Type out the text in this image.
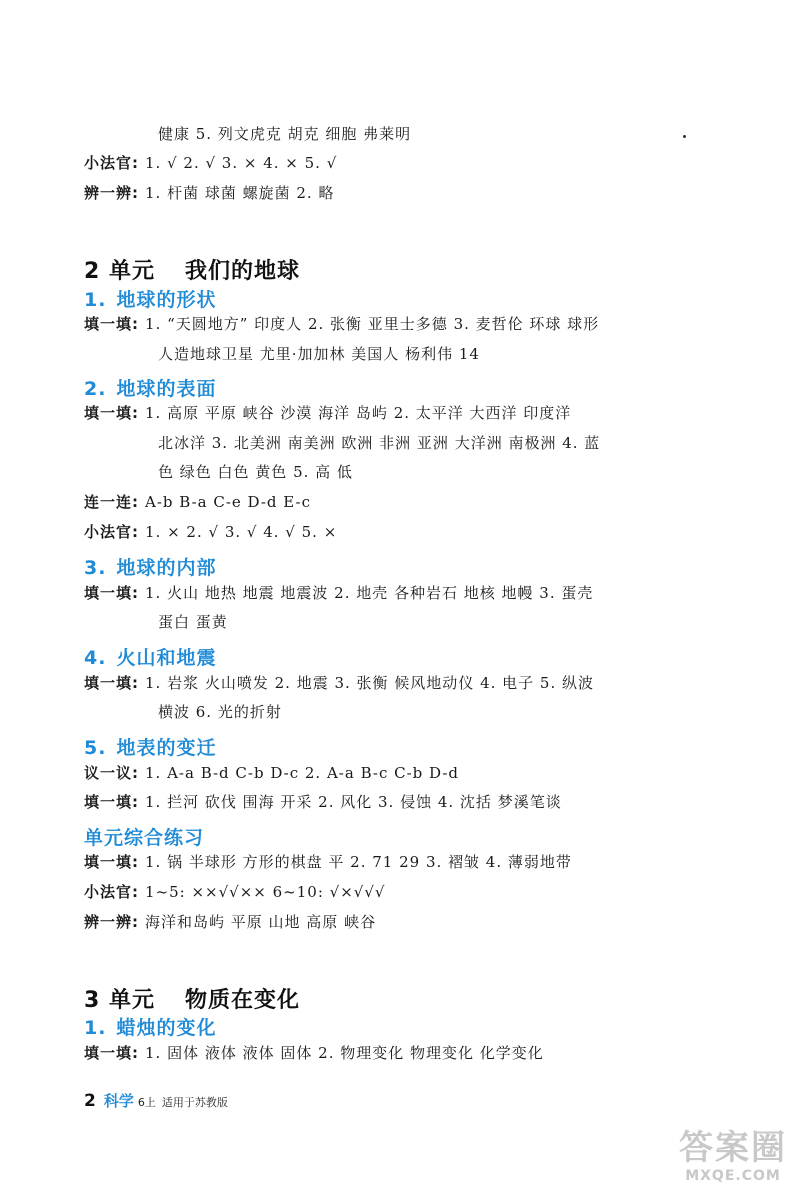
健康 5. 列文虎克 胡克 细胞 弗莱明
小法官: 1. √ 2. √ 3. × 4. × 5. √
辨一辨: 1. 杆菌 球菌 螺旋菌 2. 略
2 单元 我们的地球
1. 地球的形状
填一填: 1. “天圆地方” 印度人 2. 张衡 亚里士多德 3. 麦哲伦 环球 球形
人造地球卫星 尤里·加加林 美国人 杨利伟 14
2. 地球的表面
填一填: 1. 高原 平原 峡谷 沙漠 海洋 岛屿 2. 太平洋 大西洋 印度洋
北冰洋 3. 北美洲 南美洲 欧洲 非洲 亚洲 大洋洲 南极洲 4. 蓝
色 绿色 白色 黄色 5. 高 低
连一连: A-b B-a C-e D-d E-c
小法官: 1. × 2. √ 3. √ 4. √ 5. ×
3. 地球的内部
填一填: 1. 火山 地热 地震 地震波 2. 地壳 各种岩石 地核 地幔 3. 蛋壳
蛋白 蛋黄
4. 火山和地震
填一填: 1. 岩浆 火山喷发 2. 地震 3. 张衡 候风地动仪 4. 电子 5. 纵波
横波 6. 光的折射
5. 地表的变迁
议一议: 1. A-a B-d C-b D-c 2. A-a B-c C-b D-d
填一填: 1. 拦河 砍伐 围海 开采 2. 风化 3. 侵蚀 4. 沈括 梦溪笔谈
单元综合练习
填一填: 1. 锅 半球形 方形的棋盘 平 2. 71 29 3. 褶皱 4. 薄弱地带
小法官: 1~5: ××√√×× 6~10: √×√√√
辨一辨: 海洋和岛屿 平原 山地 高原 峡谷
3 单元 物质在变化
1. 蜡烛的变化
填一填: 1. 固体 液体 液体 固体 2. 物理变化 物理变化 化学变化
2 科学 6上 适用于苏教版
答案圈
MXQE.COM
